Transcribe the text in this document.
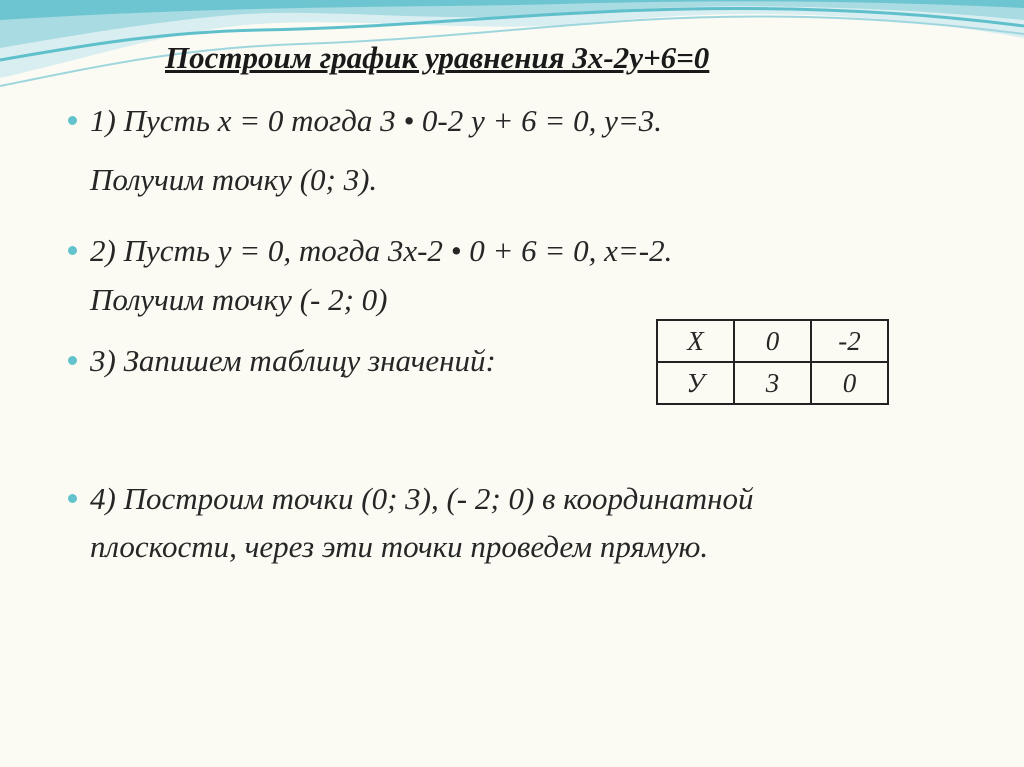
Построим график уравнения 3х-2у+6=0
1) Пусть х = 0 тогда 3 • 0-2 у + 6 = 0, у=3.
Получим точку (0; 3).
2) Пусть у = 0, тогда 3х-2 • 0 + 6 = 0, х=-2.
Получим точку (- 2; 0)
3) Запишем таблицу значений:
Х	0	-2
У	3	0
4) Построим точки (0; 3), (- 2; 0) в координатной
плоскости, через эти точки проведем прямую.
